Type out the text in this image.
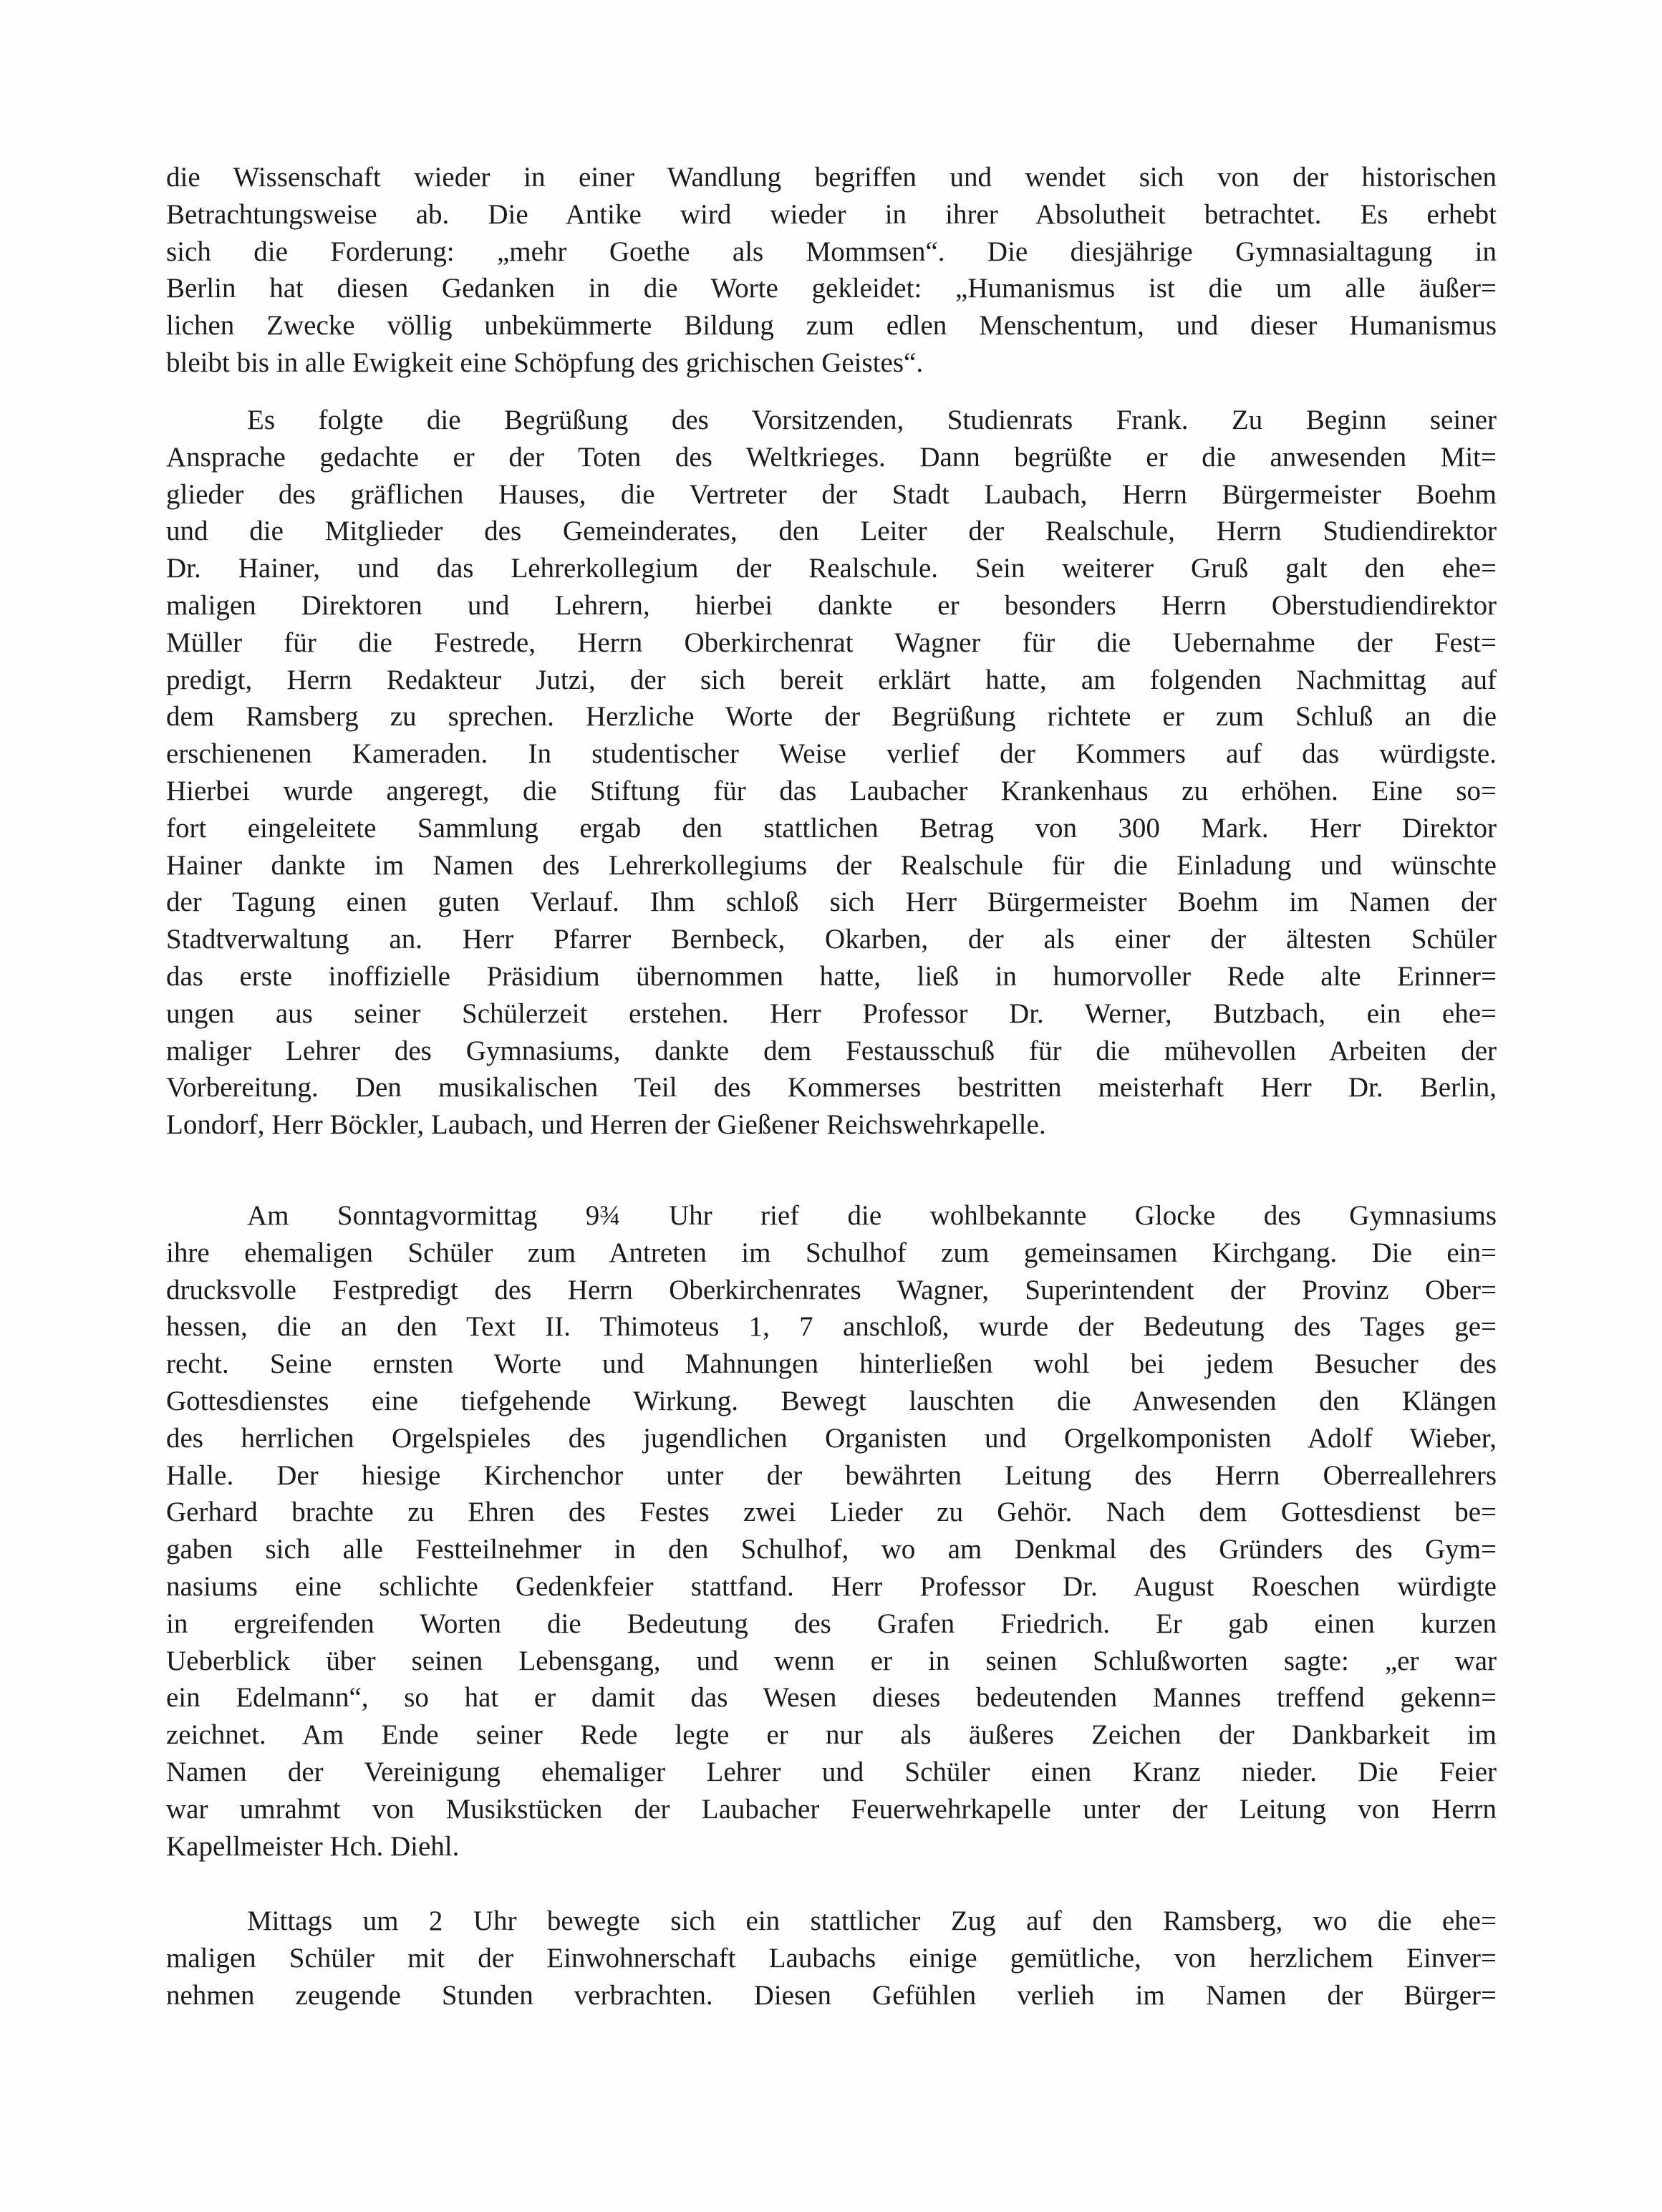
die Wissenschaft wieder in einer Wandlung begriffen und wendet sich von der historischen
Betrachtungsweise ab. Die Antike wird wieder in ihrer Absolutheit betrachtet. Es erhebt
sich die Forderung: „mehr Goethe als Mommsen“. Die diesjährige Gymnasialtagung in
Berlin hat diesen Gedanken in die Worte gekleidet: „Humanismus ist die um alle äußer=
lichen Zwecke völlig unbekümmerte Bildung zum edlen Menschentum, und dieser Humanismus
bleibt bis in alle Ewigkeit eine Schöpfung des grichischen Geistes“.
Es folgte die Begrüßung des Vorsitzenden, Studienrats Frank. Zu Beginn seiner
Ansprache gedachte er der Toten des Weltkrieges. Dann begrüßte er die anwesenden Mit=
glieder des gräflichen Hauses, die Vertreter der Stadt Laubach, Herrn Bürgermeister Boehm
und die Mitglieder des Gemeinderates, den Leiter der Realschule, Herrn Studiendirektor
Dr. Hainer, und das Lehrerkollegium der Realschule. Sein weiterer Gruß galt den ehe=
maligen Direktoren und Lehrern, hierbei dankte er besonders Herrn Oberstudiendirektor
Müller für die Festrede, Herrn Oberkirchenrat Wagner für die Uebernahme der Fest=
predigt, Herrn Redakteur Jutzi, der sich bereit erklärt hatte, am folgenden Nachmittag auf
dem Ramsberg zu sprechen. Herzliche Worte der Begrüßung richtete er zum Schluß an die
erschienenen Kameraden. In studentischer Weise verlief der Kommers auf das würdigste.
Hierbei wurde angeregt, die Stiftung für das Laubacher Krankenhaus zu erhöhen. Eine so=
fort eingeleitete Sammlung ergab den stattlichen Betrag von 300 Mark. Herr Direktor
Hainer dankte im Namen des Lehrerkollegiums der Realschule für die Einladung und wünschte
der Tagung einen guten Verlauf. Ihm schloß sich Herr Bürgermeister Boehm im Namen der
Stadtverwaltung an. Herr Pfarrer Bernbeck, Okarben, der als einer der ältesten Schüler
das erste inoffizielle Präsidium übernommen hatte, ließ in humorvoller Rede alte Erinner=
ungen aus seiner Schülerzeit erstehen. Herr Professor Dr. Werner, Butzbach, ein ehe=
maliger Lehrer des Gymnasiums, dankte dem Festausschuß für die mühevollen Arbeiten der
Vorbereitung. Den musikalischen Teil des Kommerses bestritten meisterhaft Herr Dr. Berlin,
Londorf, Herr Böckler, Laubach, und Herren der Gießener Reichswehrkapelle.
Am Sonntagvormittag 9¾ Uhr rief die wohlbekannte Glocke des Gymnasiums
ihre ehemaligen Schüler zum Antreten im Schulhof zum gemeinsamen Kirchgang. Die ein=
drucksvolle Festpredigt des Herrn Oberkirchenrates Wagner, Superintendent der Provinz Ober=
hessen, die an den Text II. Thimoteus 1, 7 anschloß, wurde der Bedeutung des Tages ge=
recht. Seine ernsten Worte und Mahnungen hinterließen wohl bei jedem Besucher des
Gottesdienstes eine tiefgehende Wirkung. Bewegt lauschten die Anwesenden den Klängen
des herrlichen Orgelspieles des jugendlichen Organisten und Orgelkomponisten Adolf Wieber,
Halle. Der hiesige Kirchenchor unter der bewährten Leitung des Herrn Oberreallehrers
Gerhard brachte zu Ehren des Festes zwei Lieder zu Gehör. Nach dem Gottesdienst be=
gaben sich alle Festteilnehmer in den Schulhof, wo am Denkmal des Gründers des Gym=
nasiums eine schlichte Gedenkfeier stattfand. Herr Professor Dr. August Roeschen würdigte
in ergreifenden Worten die Bedeutung des Grafen Friedrich. Er gab einen kurzen
Ueberblick über seinen Lebensgang, und wenn er in seinen Schlußworten sagte: „er war
ein Edelmann“, so hat er damit das Wesen dieses bedeutenden Mannes treffend gekenn=
zeichnet. Am Ende seiner Rede legte er nur als äußeres Zeichen der Dankbarkeit im
Namen der Vereinigung ehemaliger Lehrer und Schüler einen Kranz nieder. Die Feier
war umrahmt von Musikstücken der Laubacher Feuerwehrkapelle unter der Leitung von Herrn
Kapellmeister Hch. Diehl.
Mittags um 2 Uhr bewegte sich ein stattlicher Zug auf den Ramsberg, wo die ehe=
maligen Schüler mit der Einwohnerschaft Laubachs einige gemütliche, von herzlichem Einver=
nehmen zeugende Stunden verbrachten. Diesen Gefühlen verlieh im Namen der Bürger=
